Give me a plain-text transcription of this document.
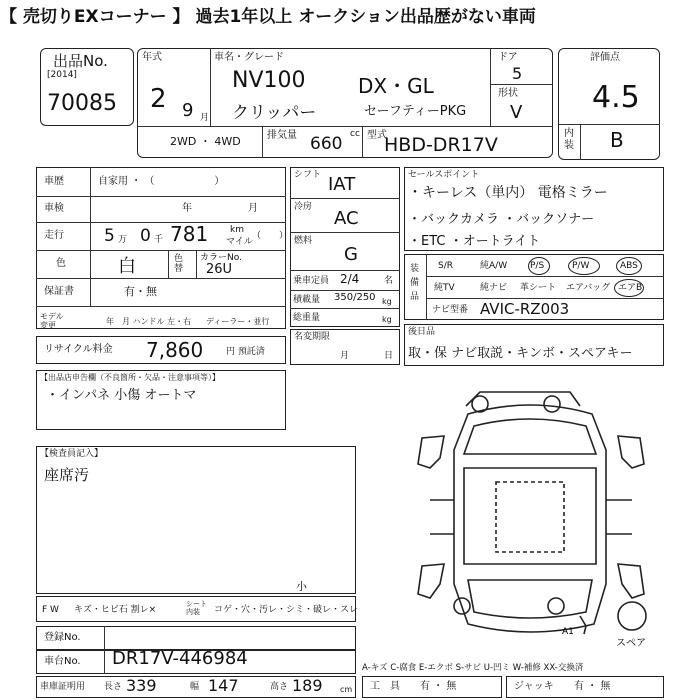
【 売切りEXコーナー 】 過去1年以上 オークション出品歴がない車両
出品No.
[2014]
70085
年式
2 9 月
車名・グレード
NV100	DX・GL
クリッパー	セーフティーPKG
ドア
5
形状
V
2WD ・ 4WD	排気量 660 cc 型式
HBD-DR17V
評価点
4.5
内装 B
車歴	自家用 ・ （　　　　　　）
車検	年	月
走行 5 万 0 千 781 km
マイル
（　　）
色	白	色替
カラーNo.
26U
保証書	有・無
モデル 変更	年 月 ハンドル 左・右 ディーラー・並行
リサイクル料金 7,860	円 預託済
シフト IAT
冷房
AC
燃料
G
乗車定員 2/4	名
積載量 350/250 kg
総重量	kg
名変期限
月	日
セールスポイント
・キーレス（単内） 電格ミラー
・バックカメラ ・バックソナー
・ETC ・オートライト
装備品
S/R	純A/W	P/S	P/W	ABS
純TV	純ナビ 革シート エアバッグ エアB
ナビ型番 AVIC-RZ003
後日品
取・保 ナビ取説・キンボ・スペアキー
【出品店申告欄（不良箇所・欠品・注意事項等）】
・インパネ 小傷 オートマ
【検査員記入】
座席汚
F W キズ・ヒビ石 割レ×
シート内装	コゲ・穴・汚レ・シミ・破レ・スレ
小
登録No.
車台No. DR17V-446984
車庫証明用 長さ 339	幅 147	高さ 189 cm
A-キズ C-腐食 E-エクボ S-サビ U-凹ミ W-補修 XX-交換済
工　具 有 ・ 無	ジャッキ 有 ・ 無
A1
スペア
